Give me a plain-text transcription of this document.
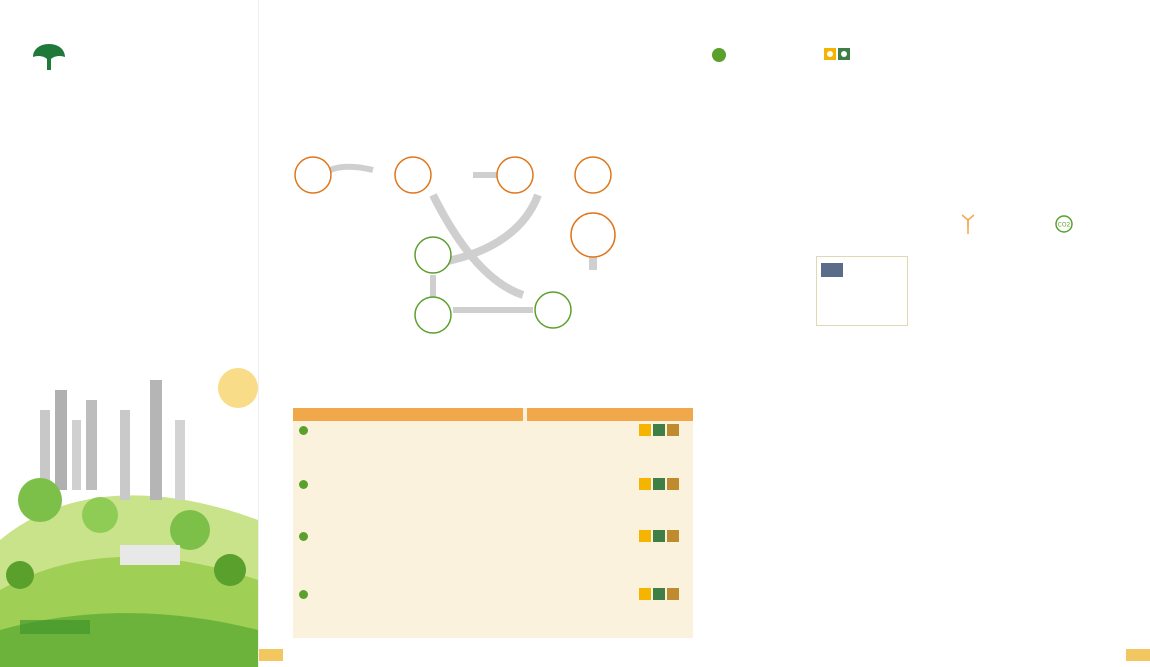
CO2
